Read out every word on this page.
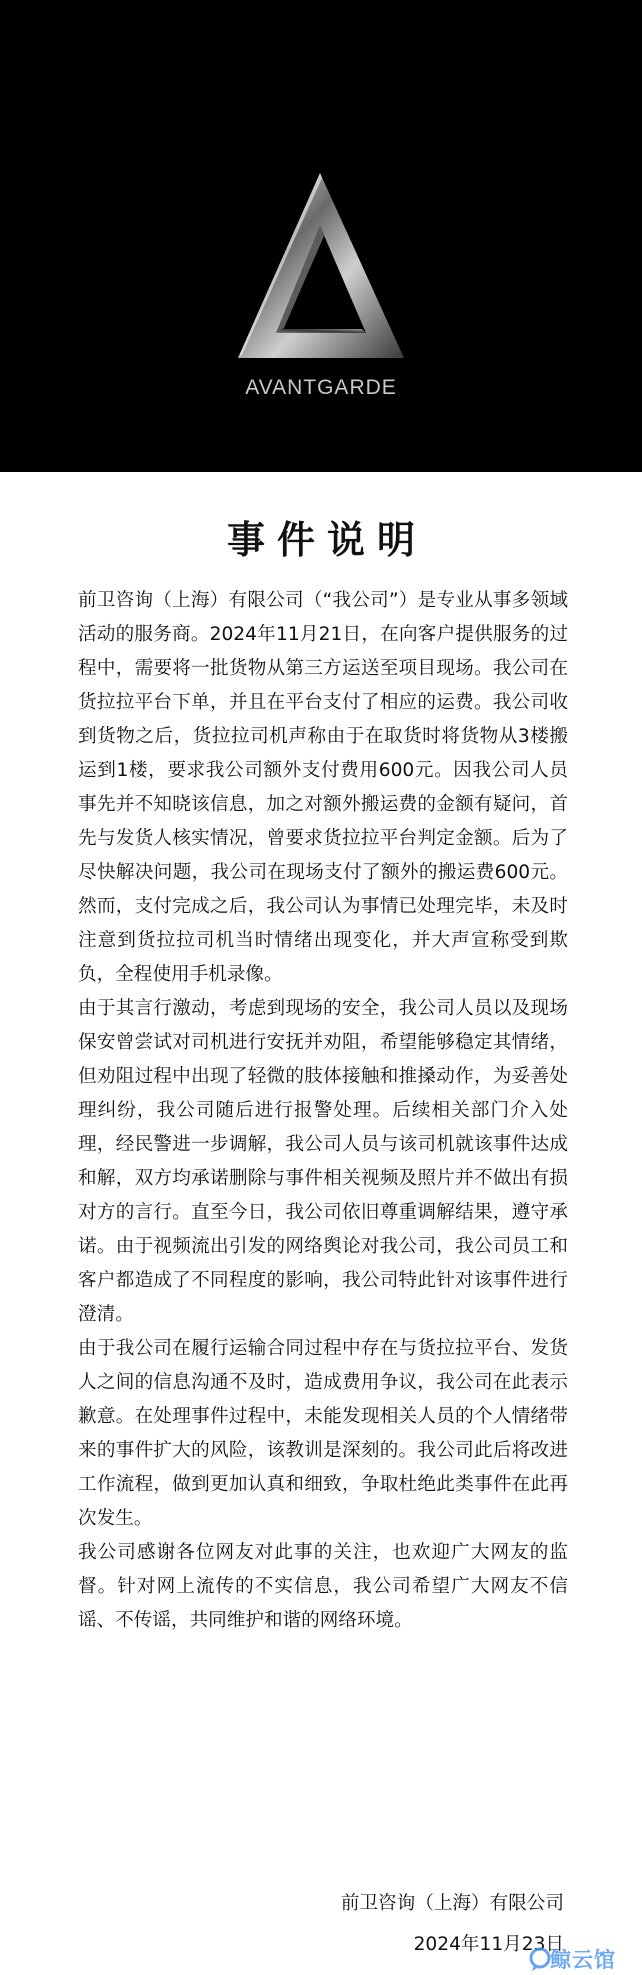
AVANTGARDE
事件说明

前卫咨询（上海）有限公司（“我公司”）是专业从事多领域活动的服务商。2024年11月21日，在向客户提供服务的过程中，需要将一批货物从第三方运送至项目现场。我公司在货拉拉平台下单，并且在平台支付了相应的运费。我公司收到货物之后，货拉拉司机声称由于在取货时将货物从3楼搬运到1楼，要求我公司额外支付费用600元。因我公司人员事先并不知晓该信息，加之对额外搬运费的金额有疑问，首先与发货人核实情况，曾要求货拉拉平台判定金额。后为了尽快解决问题，我公司在现场支付了额外的搬运费600元。然而，支付完成之后，我公司认为事情已处理完毕，未及时注意到货拉拉司机当时情绪出现变化，并大声宣称受到欺负，全程使用手机录像。

由于其言行激动，考虑到现场的安全，我公司人员以及现场保安曾尝试对司机进行安抚并劝阻，希望能够稳定其情绪，但劝阻过程中出现了轻微的肢体接触和推搡动作，为妥善处理纠纷，我公司随后进行报警处理。后续相关部门介入处理，经民警进一步调解，我公司人员与该司机就该事件达成和解，双方均承诺删除与事件相关视频及照片并不做出有损对方的言行。直至今日，我公司依旧尊重调解结果，遵守承诺。由于视频流出引发的网络舆论对我公司，我公司员工和客户都造成了不同程度的影响，我公司特此针对该事件进行澄清。

由于我公司在履行运输合同过程中存在与货拉拉平台、发货人之间的信息沟通不及时，造成费用争议，我公司在此表示歉意。在处理事件过程中，未能发现相关人员的个人情绪带来的事件扩大的风险，该教训是深刻的。我公司此后将改进工作流程，做到更加认真和细致，争取杜绝此类事件在此再次发生。

我公司感谢各位网友对此事的关注，也欢迎广大网友的监督。针对网上流传的不实信息，我公司希望广大网友不信谣、不传谣，共同维护和谐的网络环境。

前卫咨询（上海）有限公司
2024年11月23日
鲸云馆
